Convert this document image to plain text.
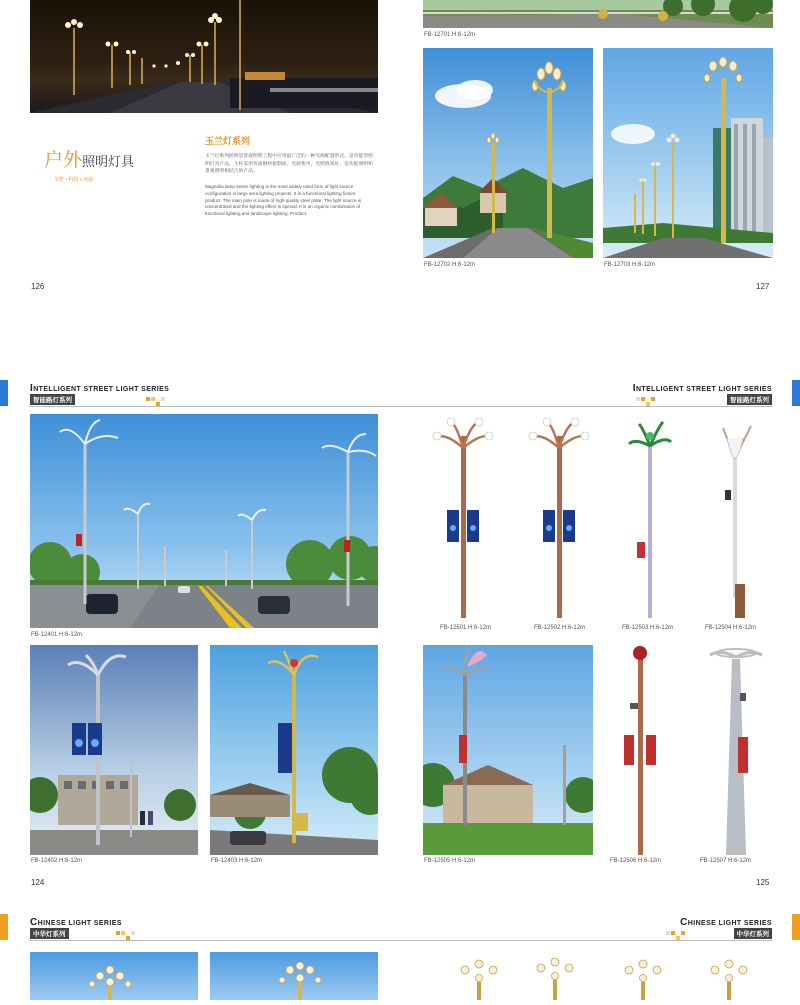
户外照明灯具
节能 • 科技 • 环保
玉兰灯系列
玉兰灯系列照明是景观照明工程中应用最广泛的一种光源配置形式。是功能型照明灯具产品，主杆采用优质钢材板制成，光源集中，光照效果好，是功能照明和景观照明相结合的产品。
Magnolia lamp series lighting is the most widely used form of light source configuration in large area lighting projects. It is a functional lighting fixture product. The main pole is made of high-quality steel plate. The light source is concentrated and the lighting effect is special. It is an organic combination of functional lighting and landscape lighting. Product.
126	127
FB-12701 H:6-12m
FB-12702 H:6-12m	FB-12703 H:6-12m
INTELLIGENT STREET LIGHT SERIES
智能路灯系列
INTELLIGENT STREET LIGHT SERIES
智能路灯系列
FB-12401 H:6-12m
FB-12402 H:6-12m	FB-12403 H:6-12m
124	125
FB-12501 H:6-12m	FB-12502 H:6-12m	FB-12503 H:6-12m	FB-12504 H:6-12m
FB-12505 H:6-12m	FB-12506 H:6-12m	FB-12507 H:6-12m
CHINESE LIGHT SERIES
中华灯系列
CHINESE LIGHT SERIES
中华灯系列
